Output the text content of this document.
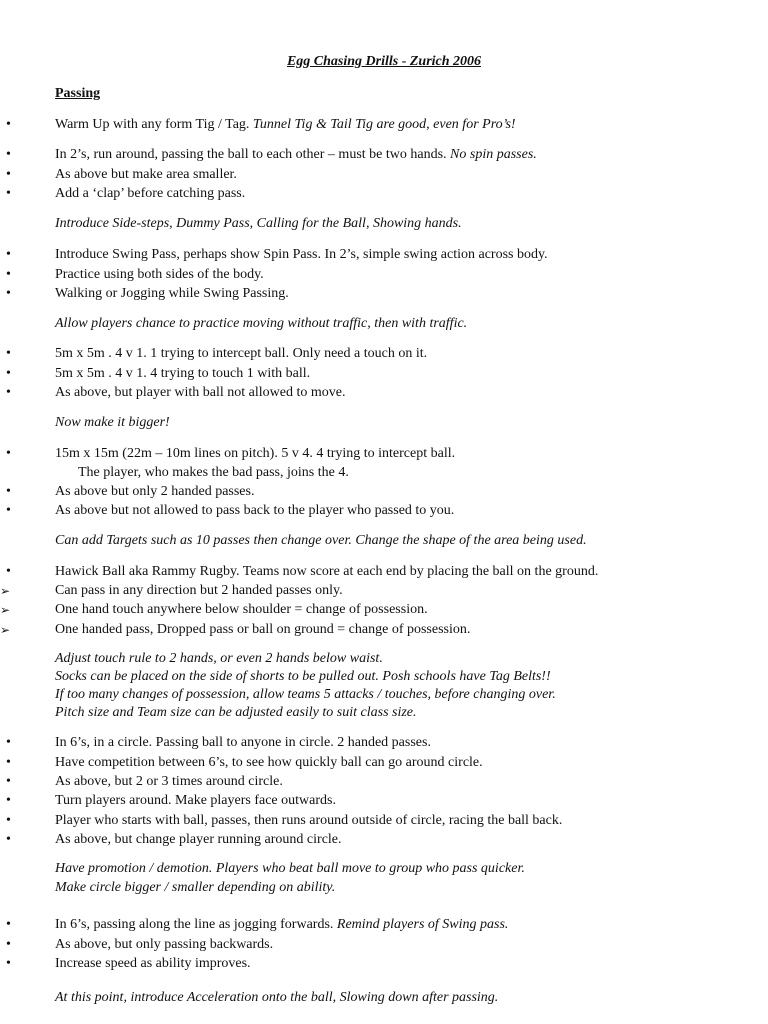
Egg Chasing Drills - Zurich 2006
Passing
•	Warm Up with any form Tig / Tag. Tunnel Tig & Tail Tig are good, even for Pro’s!
•	In 2’s, run around, passing the ball to each other – must be two hands. No spin passes.
•	As above but make area smaller.
•	Add a ‘clap’ before catching pass.
Introduce Side-steps, Dummy Pass, Calling for the Ball, Showing hands.
•	Introduce Swing Pass, perhaps show Spin Pass. In 2’s, simple swing action across body.
•	Practice using both sides of the body.
•	Walking or Jogging while Swing Passing.
Allow players chance to practice moving without traffic, then with traffic.
•	5m x 5m . 4 v 1. 1 trying to intercept ball. Only need a touch on it.
•	5m x 5m . 4 v 1. 4 trying to touch 1 with ball.
•	As above, but player with ball not allowed to move.
Now make it bigger!
•	15m x 15m (22m – 10m lines on pitch). 5 v 4. 4 trying to intercept ball.
The player, who makes the bad pass, joins the 4.
•	As above but only 2 handed passes.
•	As above but not allowed to pass back to the player who passed to you.
Can add Targets such as 10 passes then change over. Change the shape of the area being used.
•	Hawick Ball aka Rammy Rugby. Teams now score at each end by placing the ball on the ground.
➢	Can pass in any direction but 2 handed passes only.
➢	One hand touch anywhere below shoulder = change of possession.
➢	One handed pass, Dropped pass or ball on ground = change of possession.
Adjust touch rule to 2 hands, or even 2 hands below waist.
Socks can be placed on the side of shorts to be pulled out. Posh schools have Tag Belts!!
If too many changes of possession, allow teams 5 attacks / touches, before changing over.
Pitch size and Team size can be adjusted easily to suit class size.
•	In 6’s, in a circle. Passing ball to anyone in circle. 2 handed passes.
•	Have competition between 6’s, to see how quickly ball can go around circle.
•	As above, but 2 or 3 times around circle.
•	Turn players around. Make players face outwards.
•	Player who starts with ball, passes, then runs around outside of circle, racing the ball back.
•	As above, but change player running around circle.
Have promotion / demotion. Players who beat ball move to group who pass quicker.
Make circle bigger / smaller depending on ability.
•	In 6’s, passing along the line as jogging forwards. Remind players of Swing pass.
•	As above, but only passing backwards.
•	Increase speed as ability improves.
At this point, introduce Acceleration onto the ball, Slowing down after passing.
